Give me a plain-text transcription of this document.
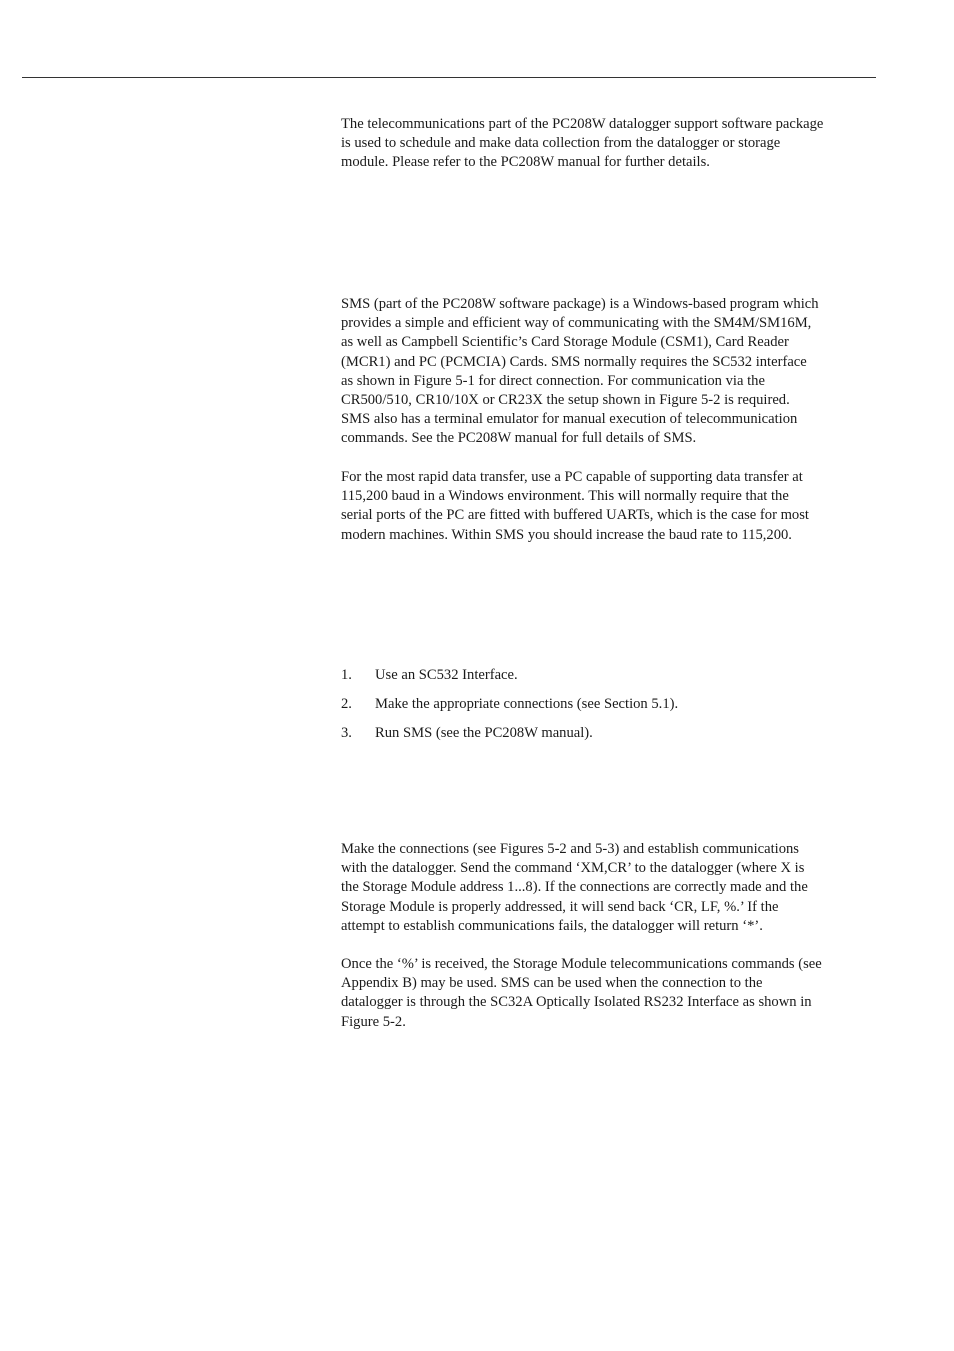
The telecommunications part of the PC208W datalogger support software package
is used to schedule and make data collection from the datalogger or storage
module. Please refer to the PC208W manual for further details.

SMS (part of the PC208W software package) is a Windows-based program which
provides a simple and efficient way of communicating with the SM4M/SM16M,
as well as Campbell Scientific’s Card Storage Module (CSM1), Card Reader
(MCR1) and PC (PCMCIA) Cards. SMS normally requires the SC532 interface
as shown in Figure 5-1 for direct connection. For communication via the
CR500/510, CR10/10X or CR23X the setup shown in Figure 5-2 is required.
SMS also has a terminal emulator for manual execution of telecommunication
commands. See the PC208W manual for full details of SMS.

For the most rapid data transfer, use a PC capable of supporting data transfer at
115,200 baud in a Windows environment. This will normally require that the
serial ports of the PC are fitted with buffered UARTs, which is the case for most
modern machines. Within SMS you should increase the baud rate to 115,200.

1. Use an SC532 Interface.
2. Make the appropriate connections (see Section 5.1).
3. Run SMS (see the PC208W manual).

Make the connections (see Figures 5-2 and 5-3) and establish communications
with the datalogger. Send the command ‘XM,CR’ to the datalogger (where X is
the Storage Module address 1...8). If the connections are correctly made and the
Storage Module is properly addressed, it will send back ‘CR, LF, %.’ If the
attempt to establish communications fails, the datalogger will return ‘*’.

Once the ‘%’ is received, the Storage Module telecommunications commands (see
Appendix B) may be used. SMS can be used when the connection to the
datalogger is through the SC32A Optically Isolated RS232 Interface as shown in
Figure 5-2.
